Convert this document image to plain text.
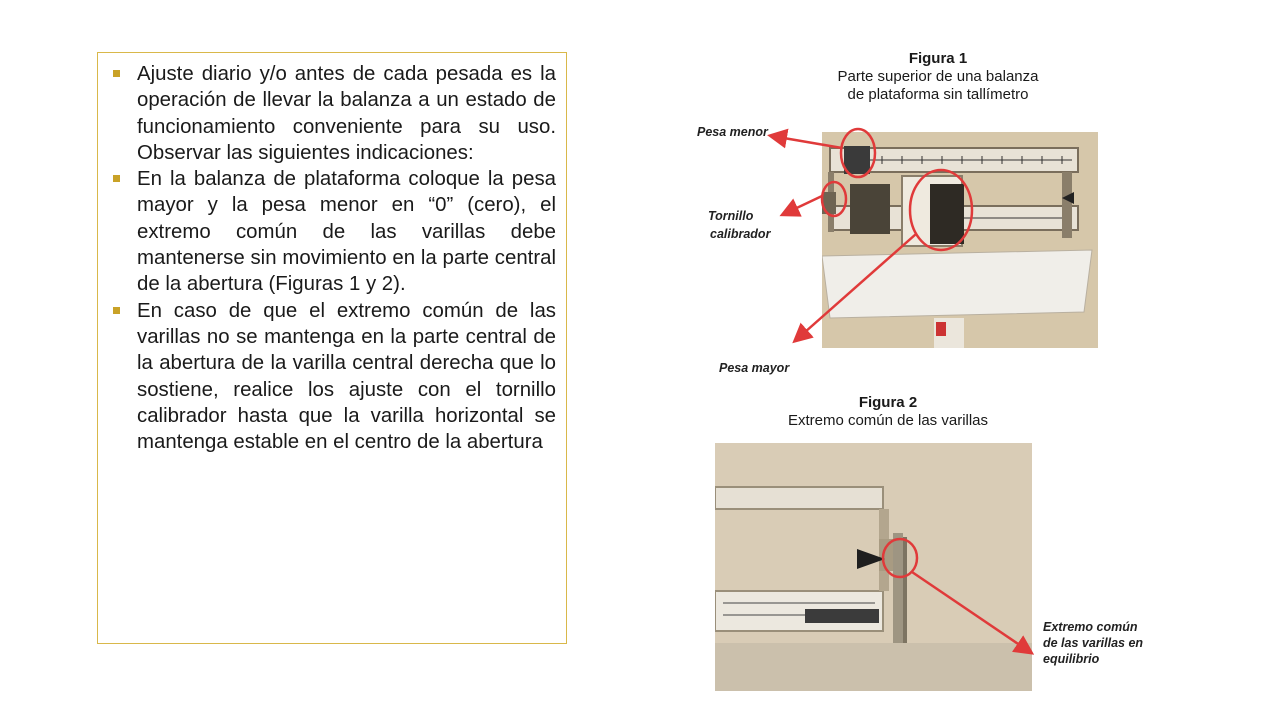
Ajuste diario y/o antes de cada pesada es la operación de llevar la balanza a un estado de funcionamiento conveniente para su uso. Observar las siguientes indicaciones:
En la balanza de plataforma coloque la pesa mayor y la pesa menor en “0” (cero), el extremo común de las varillas debe mantenerse sin movimiento en la parte central de la abertura (Figuras 1 y 2).
En caso de que el extremo común de las varillas no se mantenga en la parte central de la abertura de la varilla central derecha que lo sostiene, realice los ajuste con el tornillo calibrador hasta que la varilla horizontal se mantenga estable en el centro de la abertura
Figura 1
Parte superior de una balanza
de plataforma sin tallímetro
Pesa menor
Tornillo
calibrador
Pesa mayor
Figura 2
Extremo común de las varillas
Extremo común
de las varillas en
equilibrio
